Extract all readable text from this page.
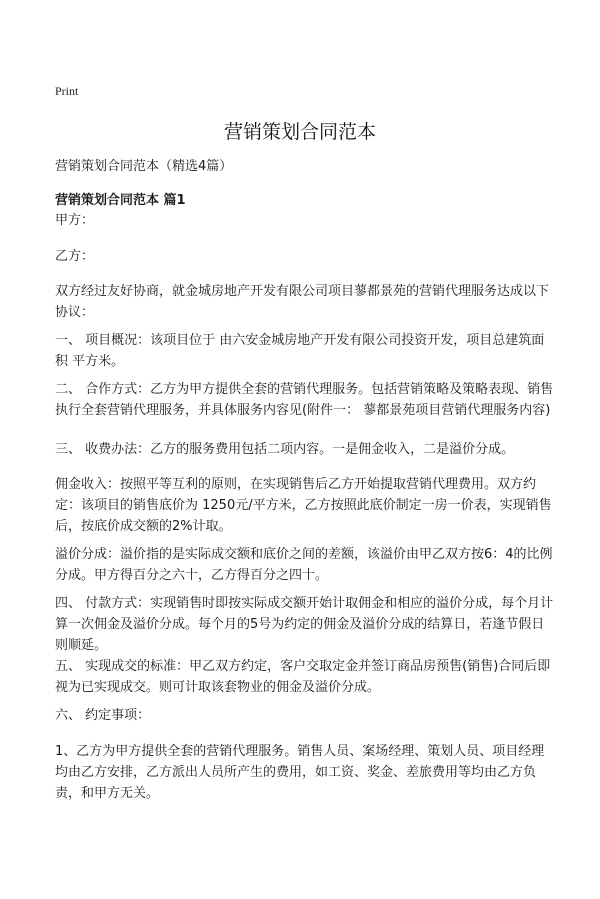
Print
营销策划合同范本
营销策划合同范本（精选4篇）
营销策划合同范本 篇1

甲方：

乙方：

双方经过友好协商，就金城房地产开发有限公司项目蓼都景苑的营销代理服务达成以下协议：

一、 项目概况：该项目位于 由六安金城房地产开发有限公司投资开发，项目总建筑面积 平方米。

二、 合作方式：乙方为甲方提供全套的营销代理服务。包括营销策略及策略表现、销售执行全套营销代理服务，并具体服务内容见(附件一： 蓼都景苑项目营销代理服务内容)

三、 收费办法：乙方的服务费用包括二项内容。一是佣金收入，二是溢价分成。

佣金收入：按照平等互利的原则，在实现销售后乙方开始提取营销代理费用。双方约定：该项目的销售底价为 1250元/平方米，乙方按照此底价制定一房一价表，实现销售后，按底价成交额的2%计取。

溢价分成：溢价指的是实际成交额和底价之间的差额，该溢价由甲乙双方按6：4的比例分成。甲方得百分之六十，乙方得百分之四十。

四、 付款方式：实现销售时即按实际成交额开始计取佣金和相应的溢价分成，每个月计算一次佣金及溢价分成。每个月的5号为约定的佣金及溢价分成的结算日，若逢节假日则顺延。

五、 实现成交的标准：甲乙双方约定，客户交取定金并签订商品房预售(销售)合同后即视为已实现成交。则可计取该套物业的佣金及溢价分成。

六、 约定事项：

1、乙方为甲方提供全套的营销代理服务。销售人员、案场经理、策划人员、项目经理均由乙方安排，乙方派出人员所产生的费用，如工资、奖金、差旅费用等均由乙方负责，和甲方无关。
